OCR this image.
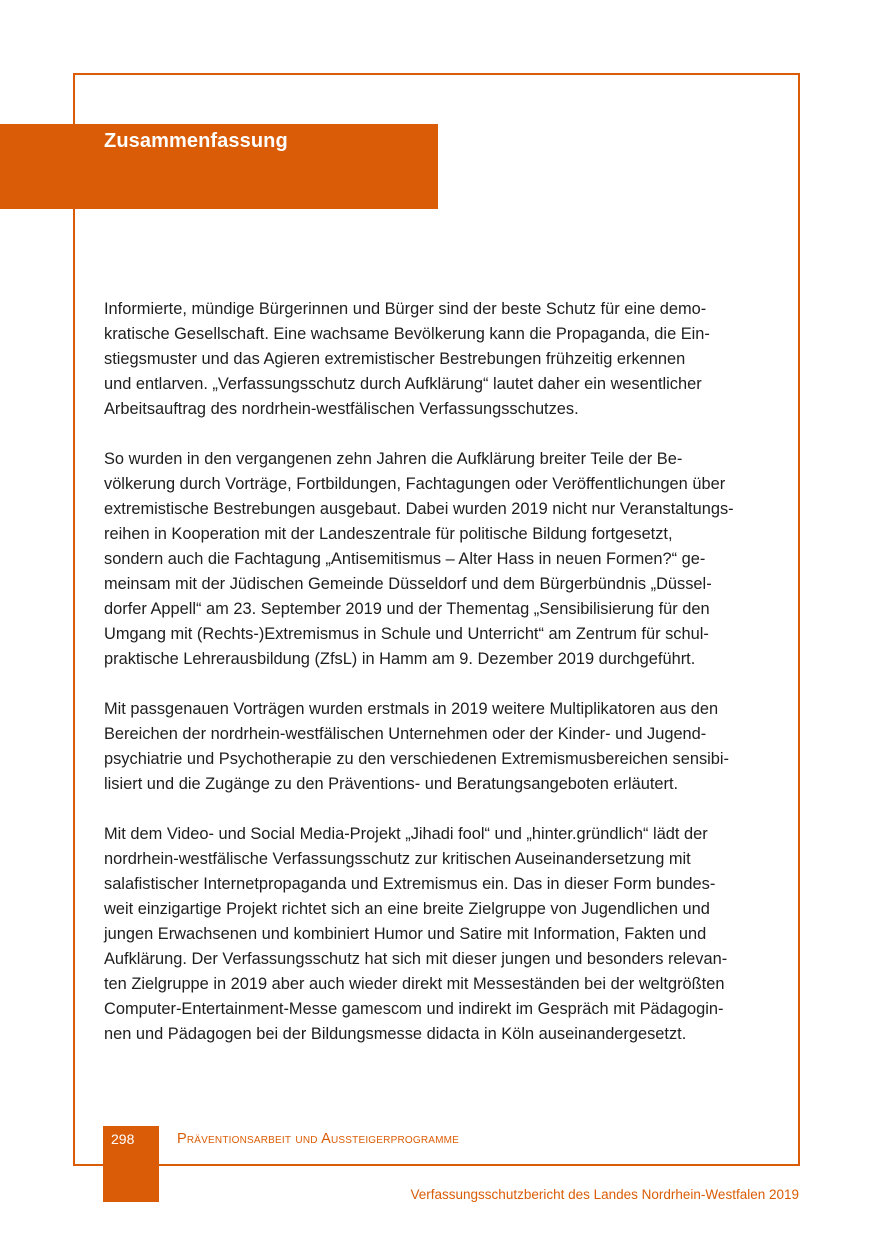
Zusammenfassung
Informierte, mündige Bürgerinnen und Bürger sind der beste Schutz für eine demo-
kratische Gesellschaft. Eine wachsame Bevölkerung kann die Propaganda, die Ein-
stiegsmuster und das Agieren extremistischer Bestrebungen frühzeitig erkennen
und entlarven. „Verfassungsschutz durch Aufklärung“ lautet daher ein wesentlicher
Arbeitsauftrag des nordrhein-westfälischen Verfassungsschutzes.
So wurden in den vergangenen zehn Jahren die Aufklärung breiter Teile der Be-
völkerung durch Vorträge, Fortbildungen, Fachtagungen oder Veröffentlichungen über
extremistische Bestrebungen ausgebaut. Dabei wurden 2019 nicht nur Veranstaltungs-
reihen in Kooperation mit der Landeszentrale für politische Bildung fortgesetzt,
sondern auch die Fachtagung „Antisemitismus – Alter Hass in neuen Formen?“ ge-
meinsam mit der Jüdischen Gemeinde Düsseldorf und dem Bürgerbündnis „Düssel-
dorfer Appell“ am 23. September 2019 und der Thementag „Sensibilisierung für den
Umgang mit (Rechts-)Extremismus in Schule und Unterricht“ am Zentrum für schul-
praktische Lehrerausbildung (ZfsL) in Hamm am 9. Dezember 2019 durchgeführt.
Mit passgenauen Vorträgen wurden erstmals in 2019 weitere Multiplikatoren aus den
Bereichen der nordrhein-westfälischen Unternehmen oder der Kinder- und Jugend-
psychiatrie und Psychotherapie zu den verschiedenen Extremismusbereichen sensibi-
lisiert und die Zugänge zu den Präventions- und Beratungsangeboten erläutert.
Mit dem Video- und Social Media-Projekt „Jihadi fool“ und „hinter.gründlich“ lädt der
nordrhein-westfälische Verfassungsschutz zur kritischen Auseinandersetzung mit
salafistischer Internetpropaganda und Extremismus ein. Das in dieser Form bundes-
weit einzigartige Projekt richtet sich an eine breite Zielgruppe von Jugendlichen und
jungen Erwachsenen und kombiniert Humor und Satire mit Information, Fakten und
Aufklärung. Der Verfassungsschutz hat sich mit dieser jungen und besonders relevan-
ten Zielgruppe in 2019 aber auch wieder direkt mit Messeständen bei der weltgrößten
Computer-Entertainment-Messe gamescom und indirekt im Gespräch mit Pädagogin-
nen und Pädagogen bei der Bildungsmesse didacta in Köln auseinandergesetzt.
298	Präventionsarbeit und Aussteigerprogramme
Verfassungsschutzbericht des Landes Nordrhein-Westfalen 2019
